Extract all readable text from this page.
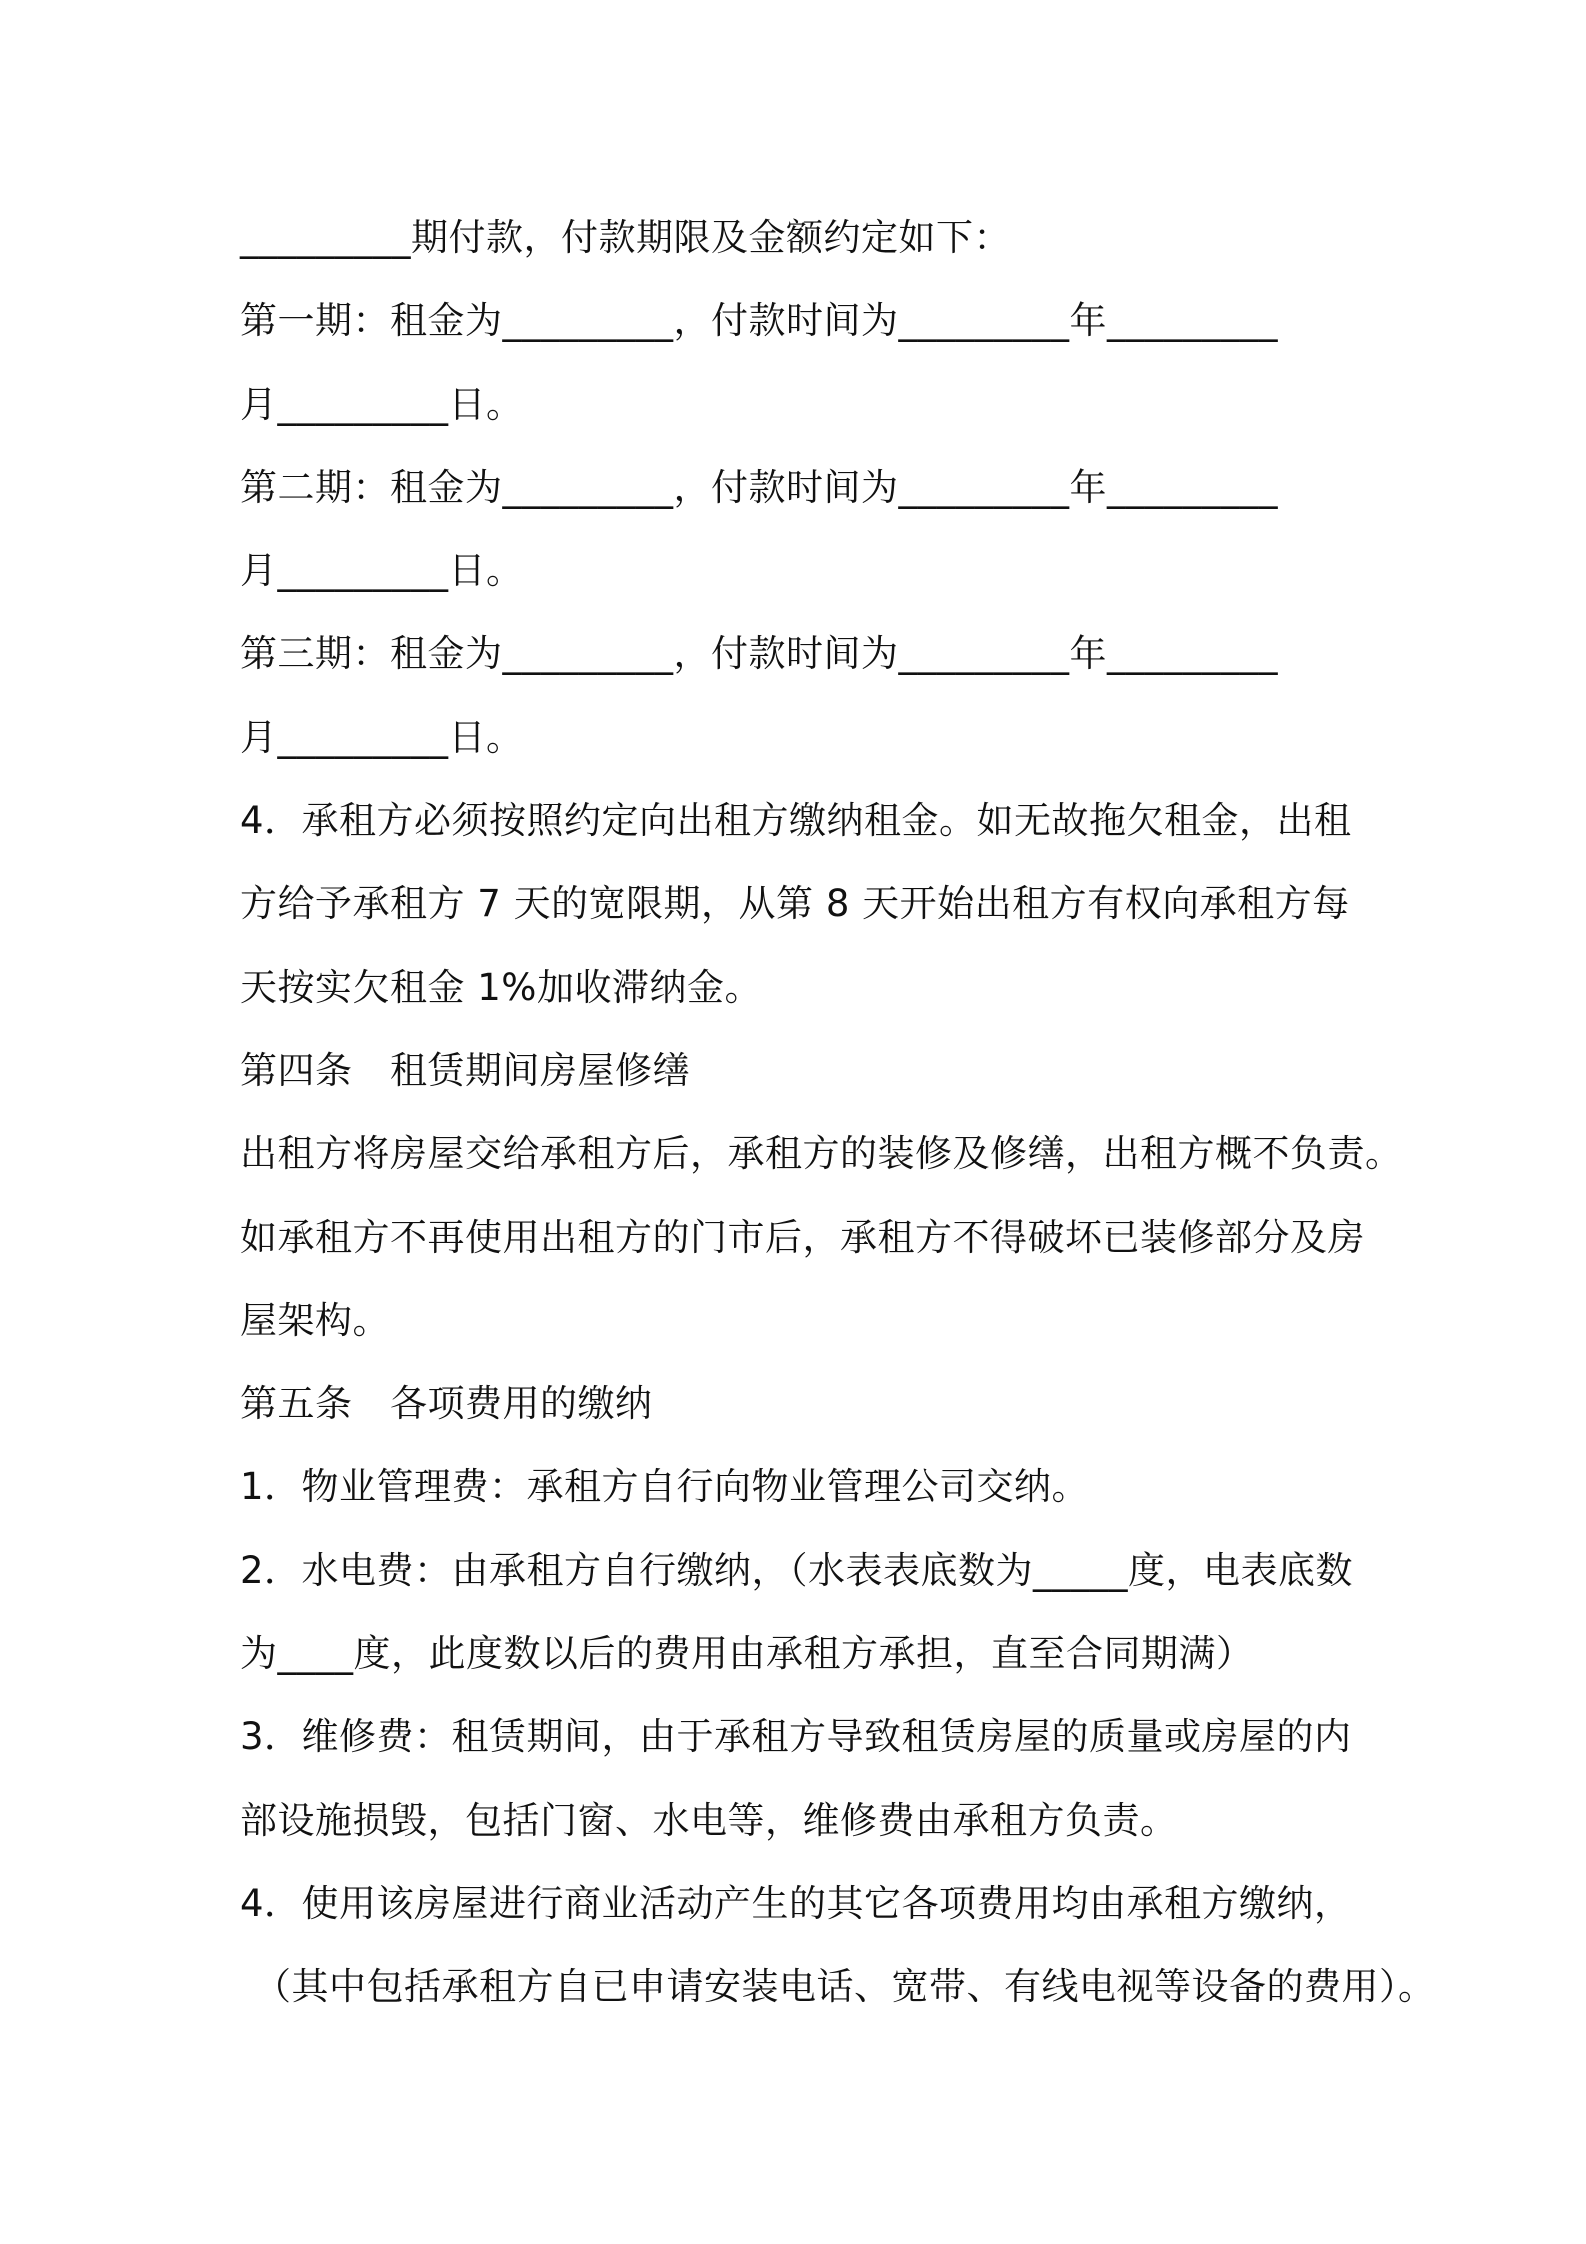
_________期付款，付款期限及金额约定如下：
第一期：租金为_________，付款时间为_________年_________
月_________日。
第二期：租金为_________，付款时间为_________年_________
月_________日。
第三期：租金为_________，付款时间为_________年_________
月_________日。
4．承租方必须按照约定向出租方缴纳租金。如无故拖欠租金，出租
方给予承租方 7 天的宽限期，从第 8 天开始出租方有权向承租方每
天按实欠租金 1%加收滞纳金。
第四条　租赁期间房屋修缮
出租方将房屋交给承租方后，承租方的装修及修缮，出租方概不负责。
如承租方不再使用出租方的门市后，承租方不得破坏已装修部分及房
屋架构。
第五条　各项费用的缴纳
1．物业管理费：承租方自行向物业管理公司交纳。
2．水电费：由承租方自行缴纳，（水表表底数为_____度，电表底数
为____度，此度数以后的费用由承租方承担，直至合同期满）
3．维修费：租赁期间，由于承租方导致租赁房屋的质量或房屋的内
部设施损毁，包括门窗、水电等，维修费由承租方负责。
4．使用该房屋进行商业活动产生的其它各项费用均由承租方缴纳，
（其中包括承租方自已申请安装电话、宽带、有线电视等设备的费用）。
